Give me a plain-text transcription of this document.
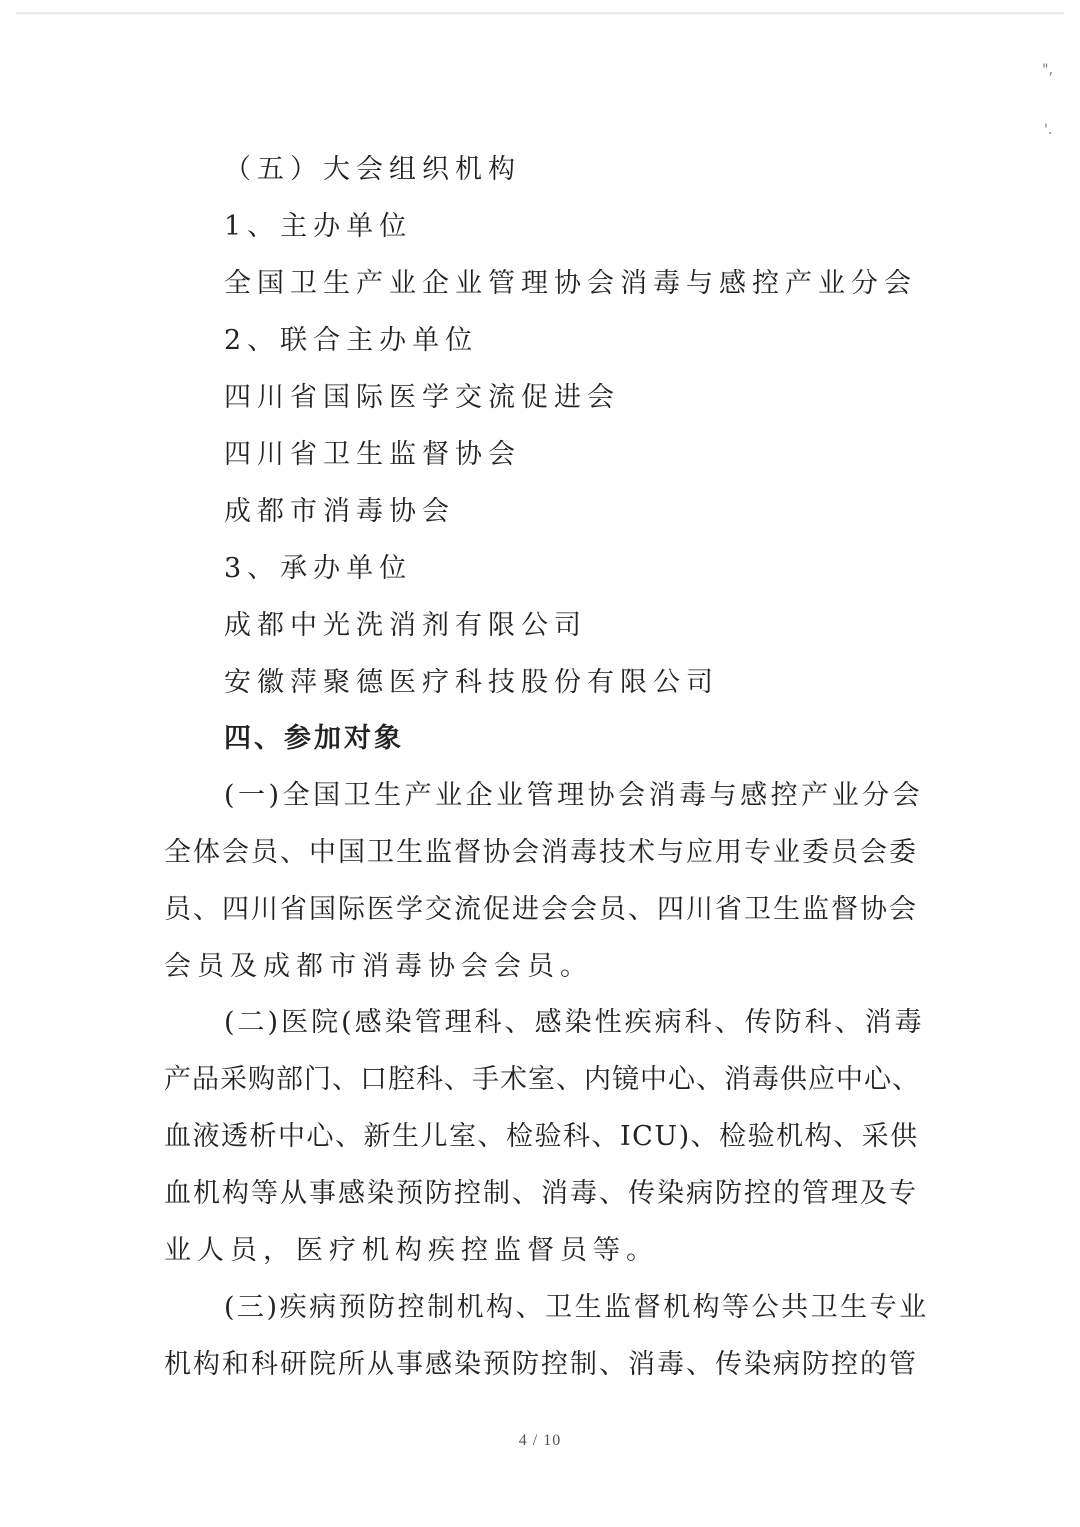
"‚
'.
（五）大会组织机构
1、主办单位
全国卫生产业企业管理协会消毒与感控产业分会
2、联合主办单位
四川省国际医学交流促进会
四川省卫生监督协会
成都市消毒协会
3、承办单位
成都中光洗消剂有限公司
安徽萍聚德医疗科技股份有限公司
四、参加对象
(一)全国卫生产业企业管理协会消毒与感控产业分会
全体会员、中国卫生监督协会消毒技术与应用专业委员会委
员、四川省国际医学交流促进会会员、四川省卫生监督协会
会员及成都市消毒协会会员。
(二)医院(感染管理科、感染性疾病科、传防科、消毒
产品采购部门、口腔科、手术室、内镜中心、消毒供应中心、
血液透析中心、新生儿室、检验科、ICU)、检验机构、采供
血机构等从事感染预防控制、消毒、传染病防控的管理及专
业人员，医疗机构疾控监督员等。
(三)疾病预防控制机构、卫生监督机构等公共卫生专业
机构和科研院所从事感染预防控制、消毒、传染病防控的管
4 / 10
